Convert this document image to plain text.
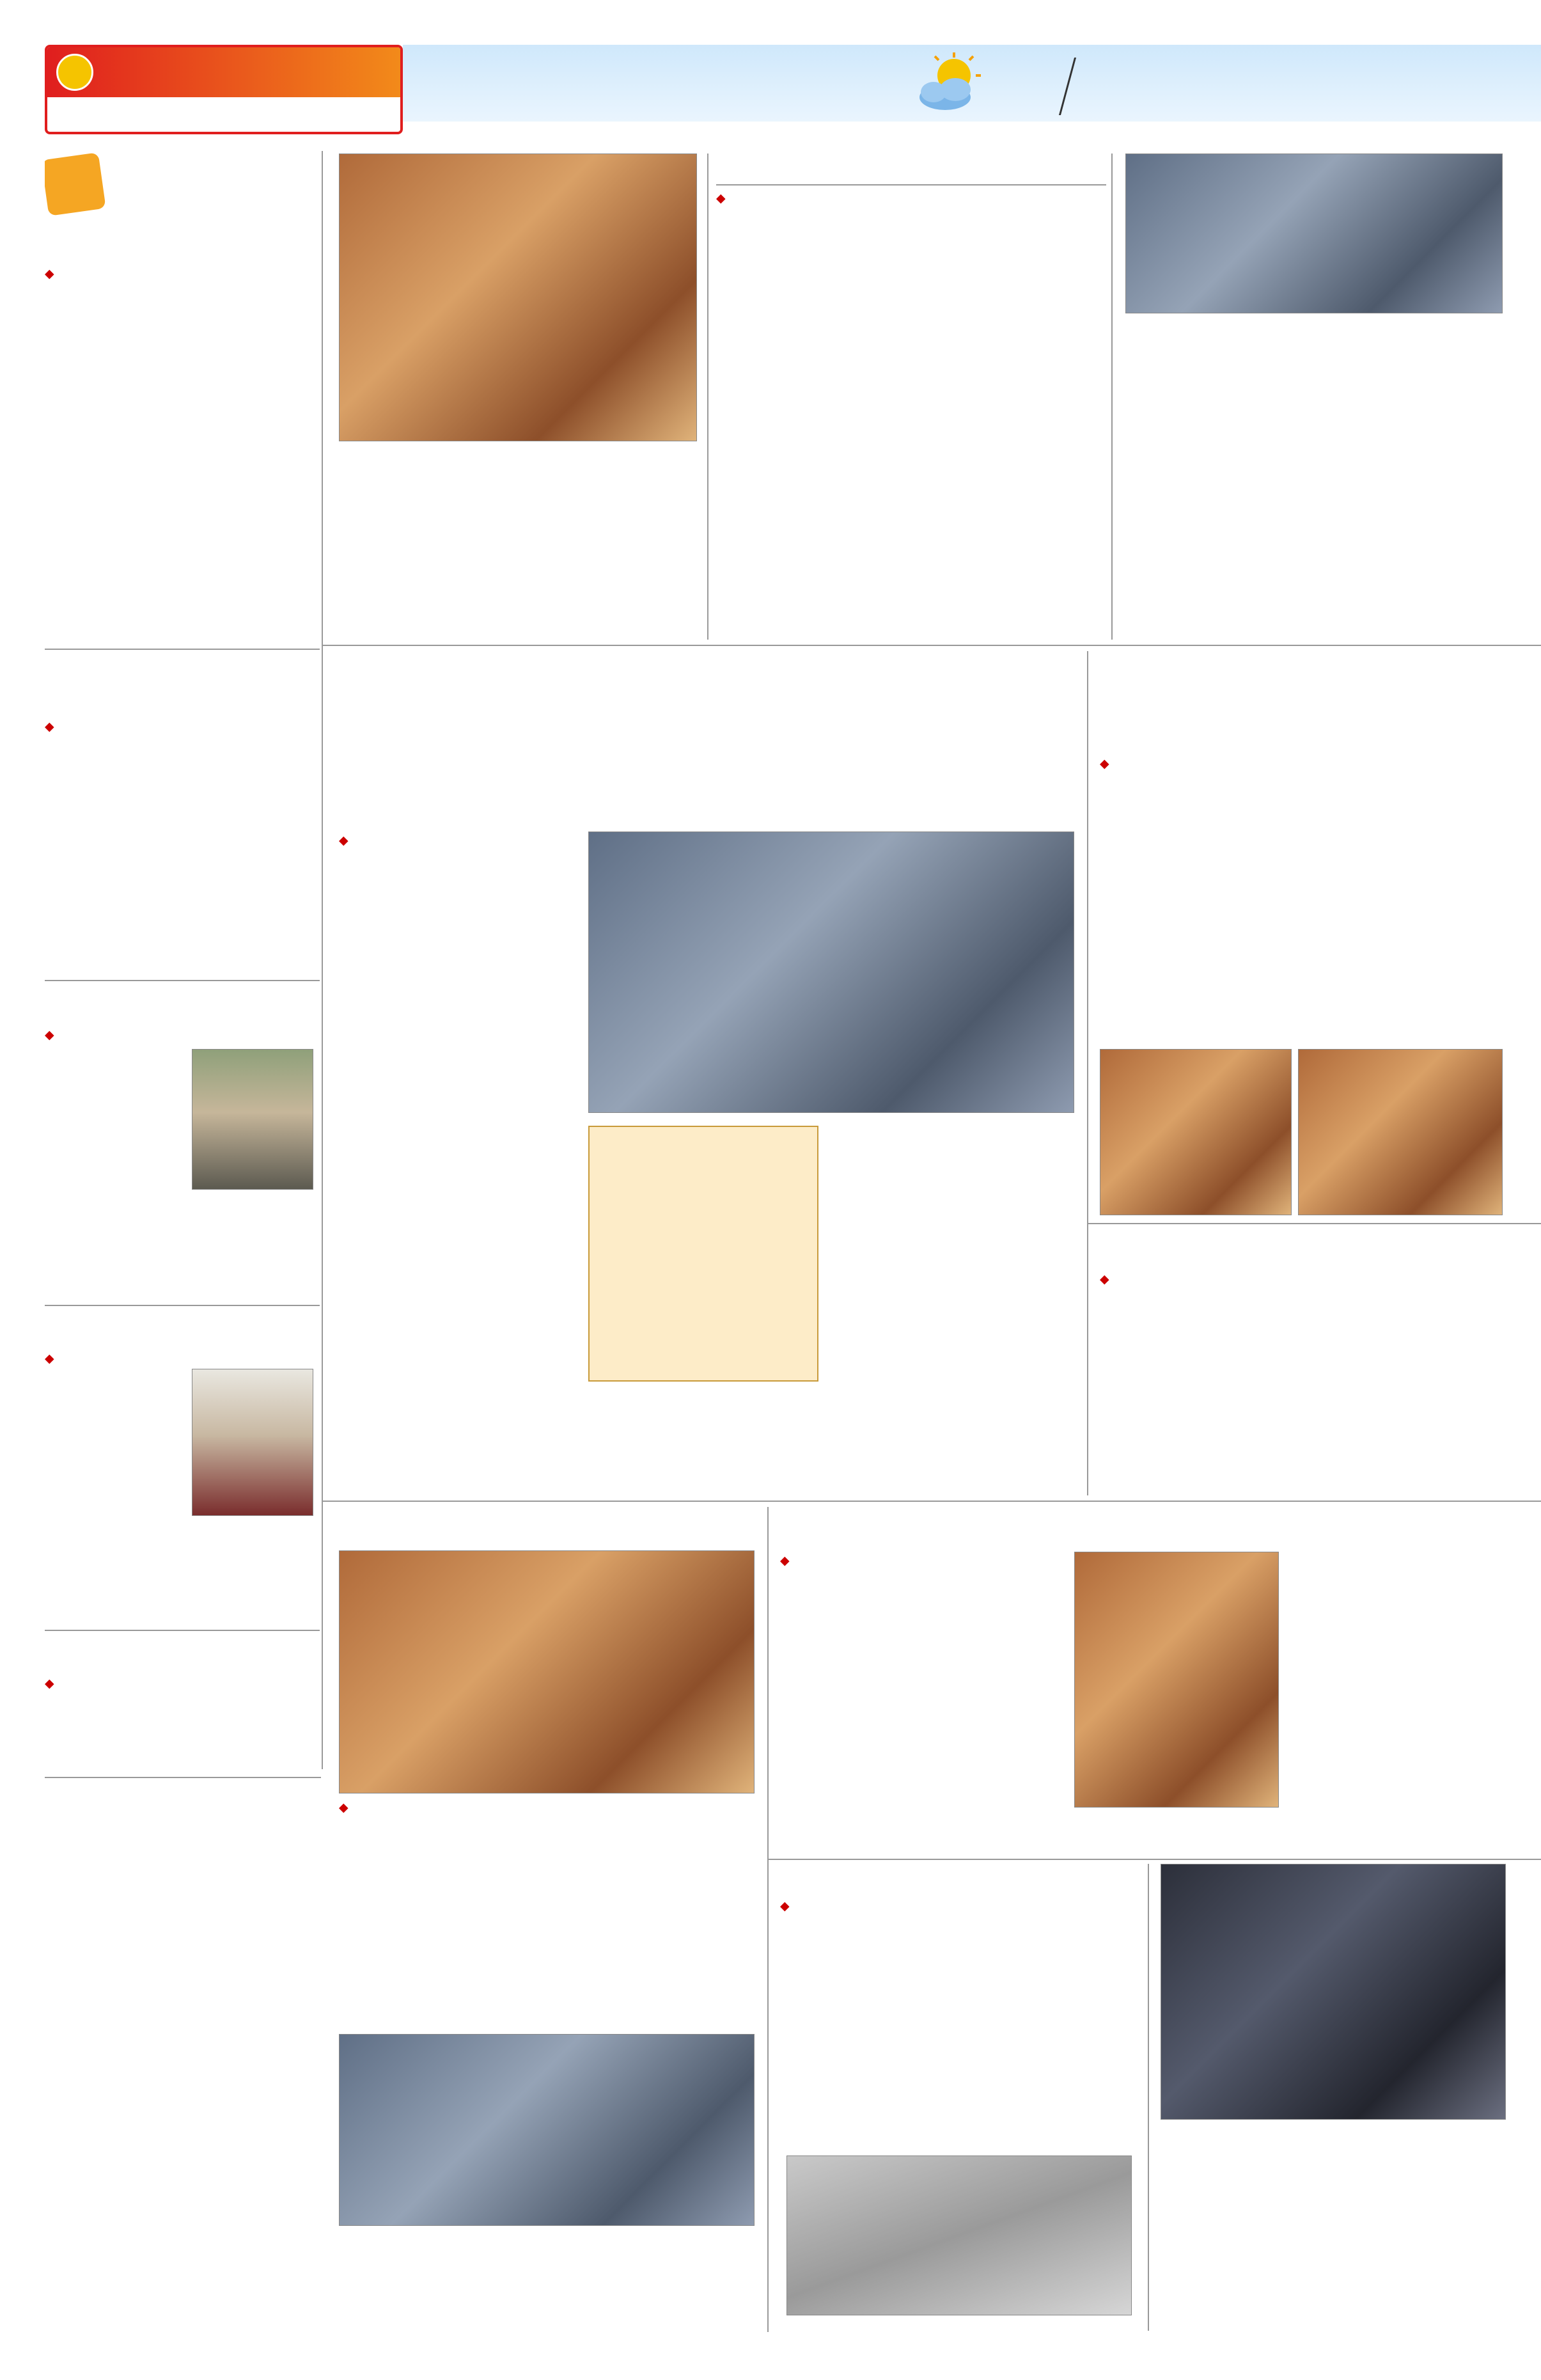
◆
◆
◆
◆
◆
◆
◆
◆
◆
◆
◆
◆
